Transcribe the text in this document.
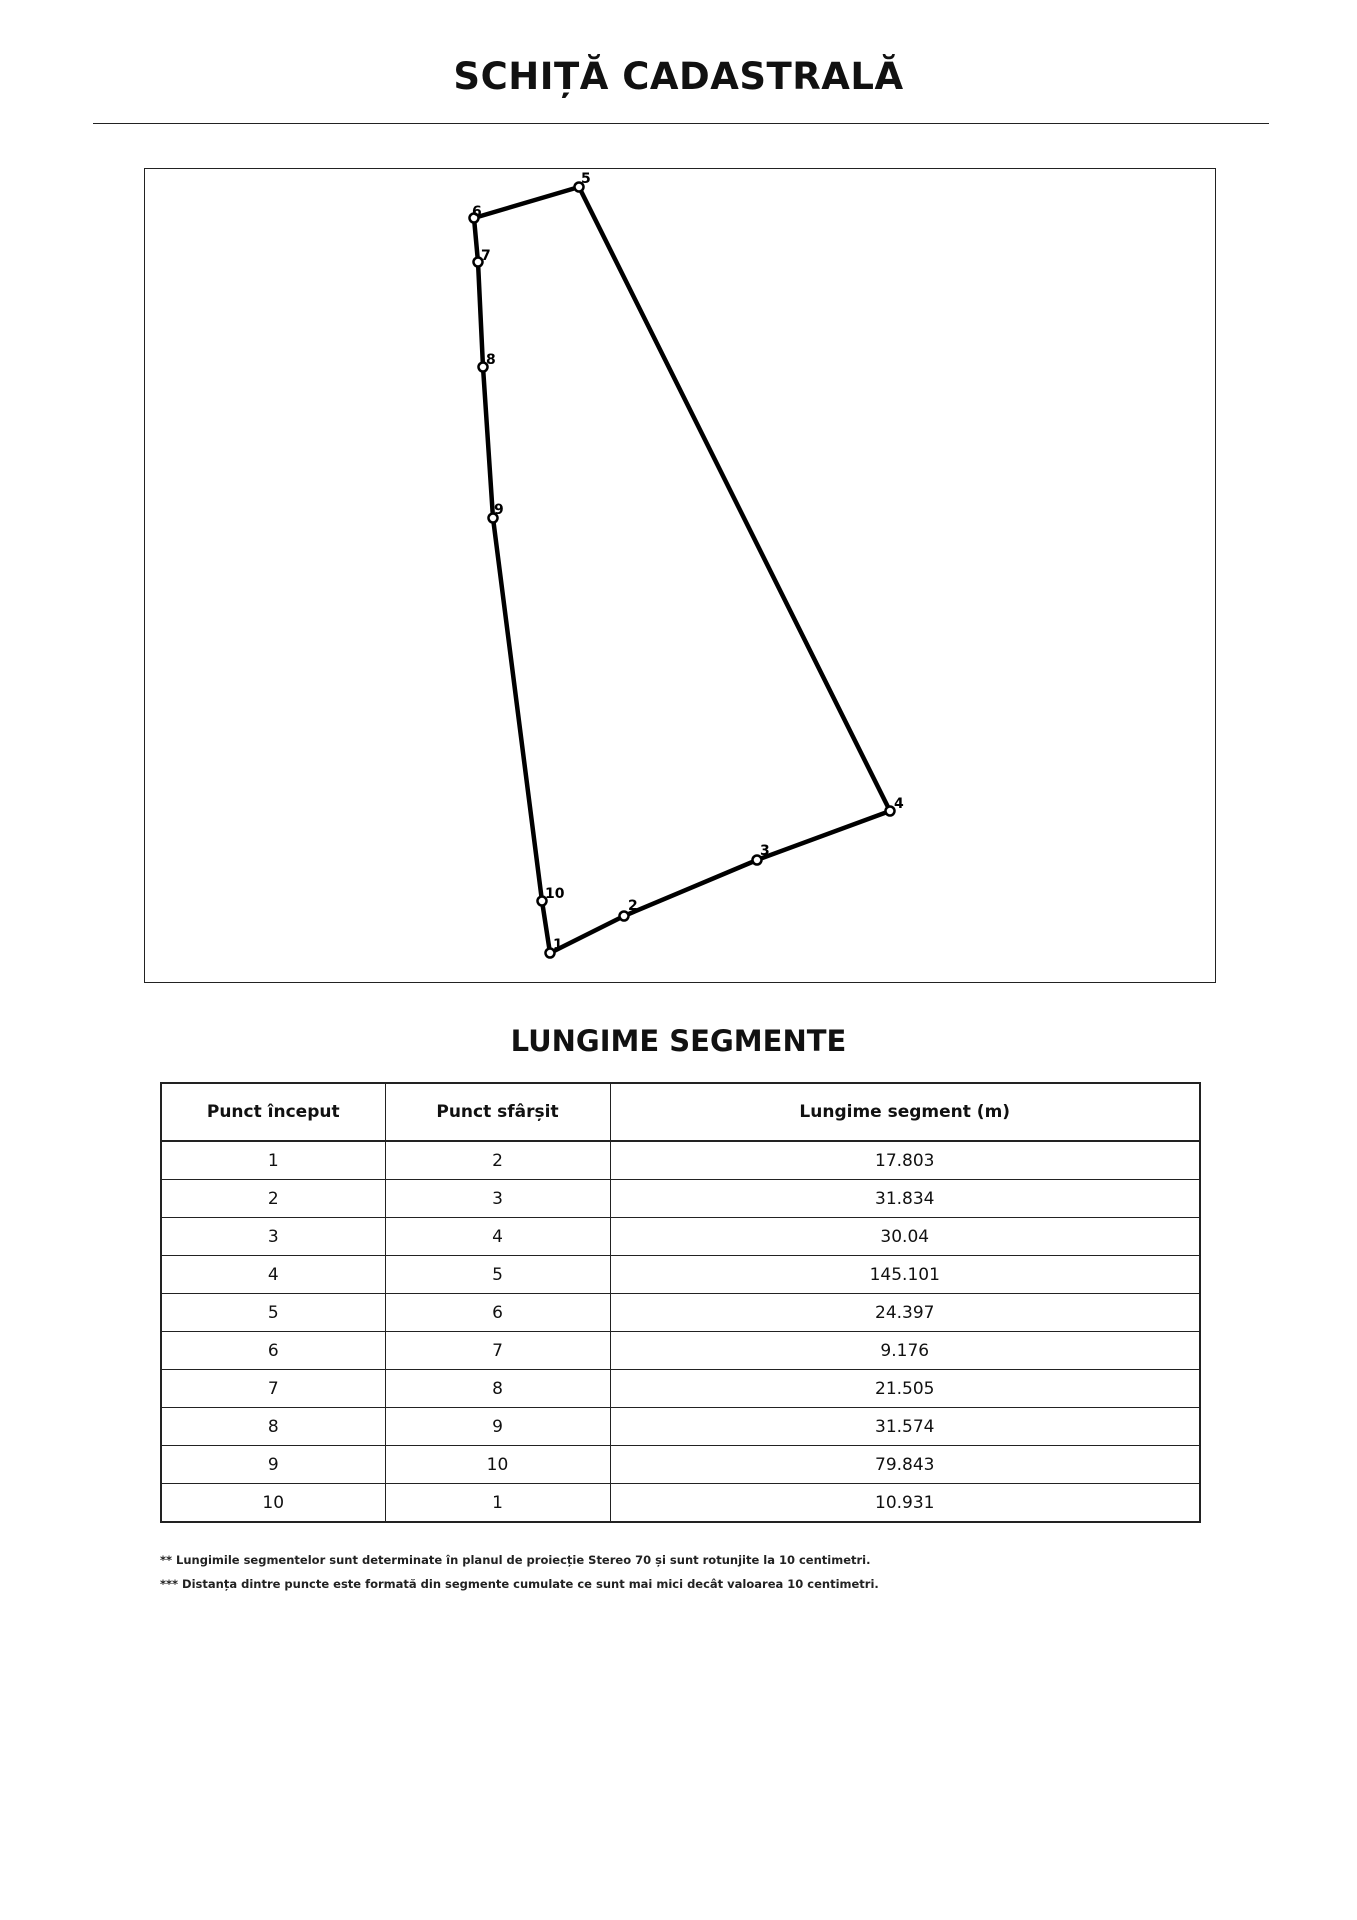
SCHIȚĂ CADASTRALĂ
1
2
3
4
5
6
7
8
9
10
LUNGIME SEGMENTE
Punct început	Punct sfârșit	Lungime segment (m)
1	2	17.803
2	3	31.834
3	4	30.04
4	5	145.101
5	6	24.397
6	7	9.176
7	8	21.505
8	9	31.574
9	10	79.843
10	1	10.931
** Lungimile segmentelor sunt determinate în planul de proiecție Stereo 70 și sunt rotunjite la 10 centimetri.
*** Distanța dintre puncte este formată din segmente cumulate ce sunt mai mici decât valoarea 10 centimetri.
